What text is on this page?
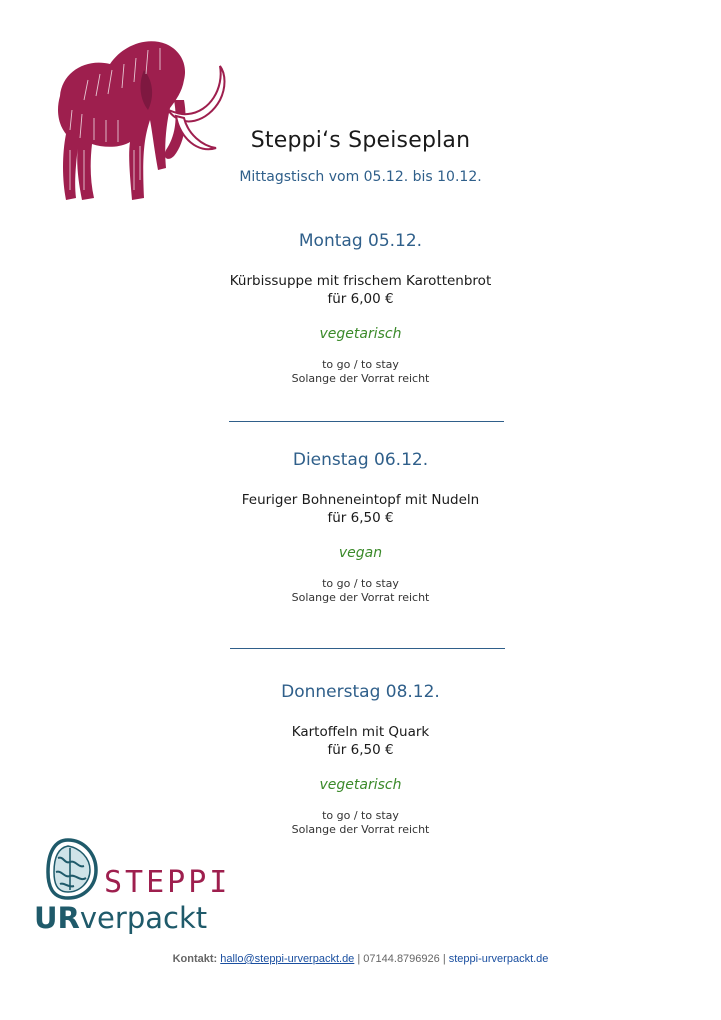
Steppi‘s Speiseplan
Mittagstisch vom 05.12. bis 10.12.
Montag 05.12.
Kürbissuppe mit frischem Karottenbrot
für 6,00 €
vegetarisch
to go / to stay
Solange der Vorrat reicht
Dienstag 06.12.
Feuriger Bohneneintopf mit Nudeln
für 6,50 €
vegan
to go / to stay
Solange der Vorrat reicht
Donnerstag 08.12.
Kartoffeln mit Quark
für 6,50 €
vegetarisch
to go / to stay
Solange der Vorrat reicht
STEPPI
URverpackt
Kontakt: hallo@steppi-urverpackt.de | 07144.8796926 | steppi-urverpackt.de
